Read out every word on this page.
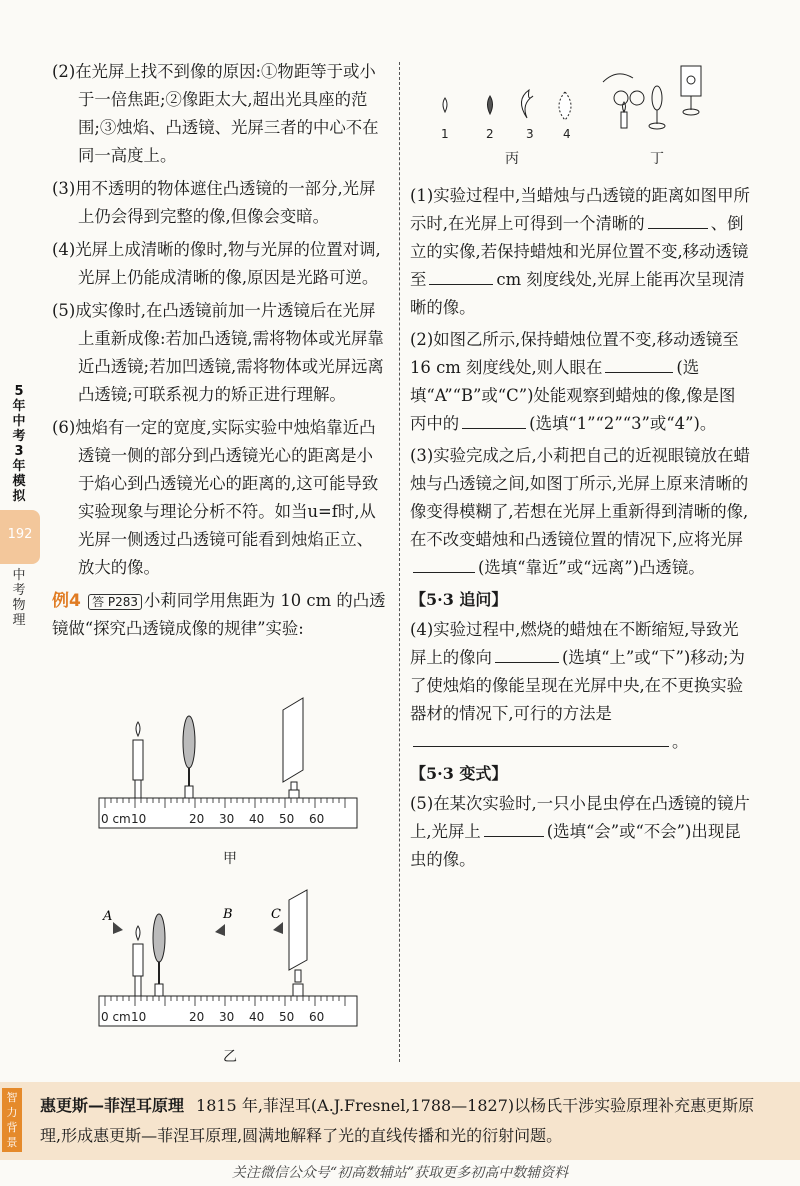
5年中考3年模拟
192
中考物理

(2)在光屏上找不到像的原因:①物距等于或小于一倍焦距;②像距太大,超出光具座的范围;③烛焰、凸透镜、光屏三者的中心不在同一高度上。

(3)用不透明的物体遮住凸透镜的一部分,光屏上仍会得到完整的像,但像会变暗。

(4)光屏上成清晰的像时,物与光屏的位置对调,光屏上仍能成清晰的像,原因是光路可逆。

(5)成实像时,在凸透镜前加一片透镜后在光屏上重新成像:若加凸透镜,需将物体或光屏靠近凸透镜;若加凹透镜,需将物体或光屏远离凸透镜;可联系视力的矫正进行理解。

(6)烛焰有一定的宽度,实际实验中烛焰靠近凸透镜一侧的部分到凸透镜光心的距离是小于焰心到凸透镜光心的距离的,这可能导致实验现象与理论分析不符。如当u=f时,从光屏一侧透过凸透镜可能看到烛焰正立、放大的像。

例4 答 P283 小莉同学用焦距为 10 cm 的凸透镜做“探究凸透镜成像的规律”实验:

0 cm 10	20 30 40 50 60
甲
A	B	C
0 cm 10	20 30 40 50 60
乙
1	2	3 4
丙	丁

(1)实验过程中,当蜡烛与凸透镜的距离如图甲所示时,在光屏上可得到一个清晰的	、倒立的实像,若保持蜡烛和光屏位置不变,移动透镜至	cm 刻度线处,光屏上能再次呈现清晰的像。

(2)如图乙所示,保持蜡烛位置不变,移动透镜至 16 cm 刻度线处,则人眼在	(选填“A”“B”或“C”)处能观察到蜡烛的像,像是图丙中的	(选填“1”“2”“3”或“4”)。

(3)实验完成之后,小莉把自己的近视眼镜放在蜡烛与凸透镜之间,如图丁所示,光屏上原来清晰的像变得模糊了,若想在光屏上重新得到清晰的像,在不改变蜡烛和凸透镜位置的情况下,应将光屏(选填“靠近”或“远离”)凸透镜。

【5·3 追问】

(4)实验过程中,燃烧的蜡烛在不断缩短,导致光屏上的像向	(选填“上”或“下”)移动;为了使烛焰的像能呈现在光屏中央,在不更换实验器材的情况下,可行的方法是。

【5·3 变式】

(5)在某次实验时,一只小昆虫停在凸透镜的镜片上,光屏上	(选填“会”或“不会”)出现昆虫的像。

智力背景
惠更斯—菲涅耳原理 1815 年,菲涅耳(A.J.Fresnel,1788—1827)以杨氏干涉实验原理补充惠更斯原理,形成惠更斯—菲涅耳原理,圆满地解释了光的直线传播和光的衍射问题。
关注微信公众号“初高数辅站”获取更多初高中数辅资料
